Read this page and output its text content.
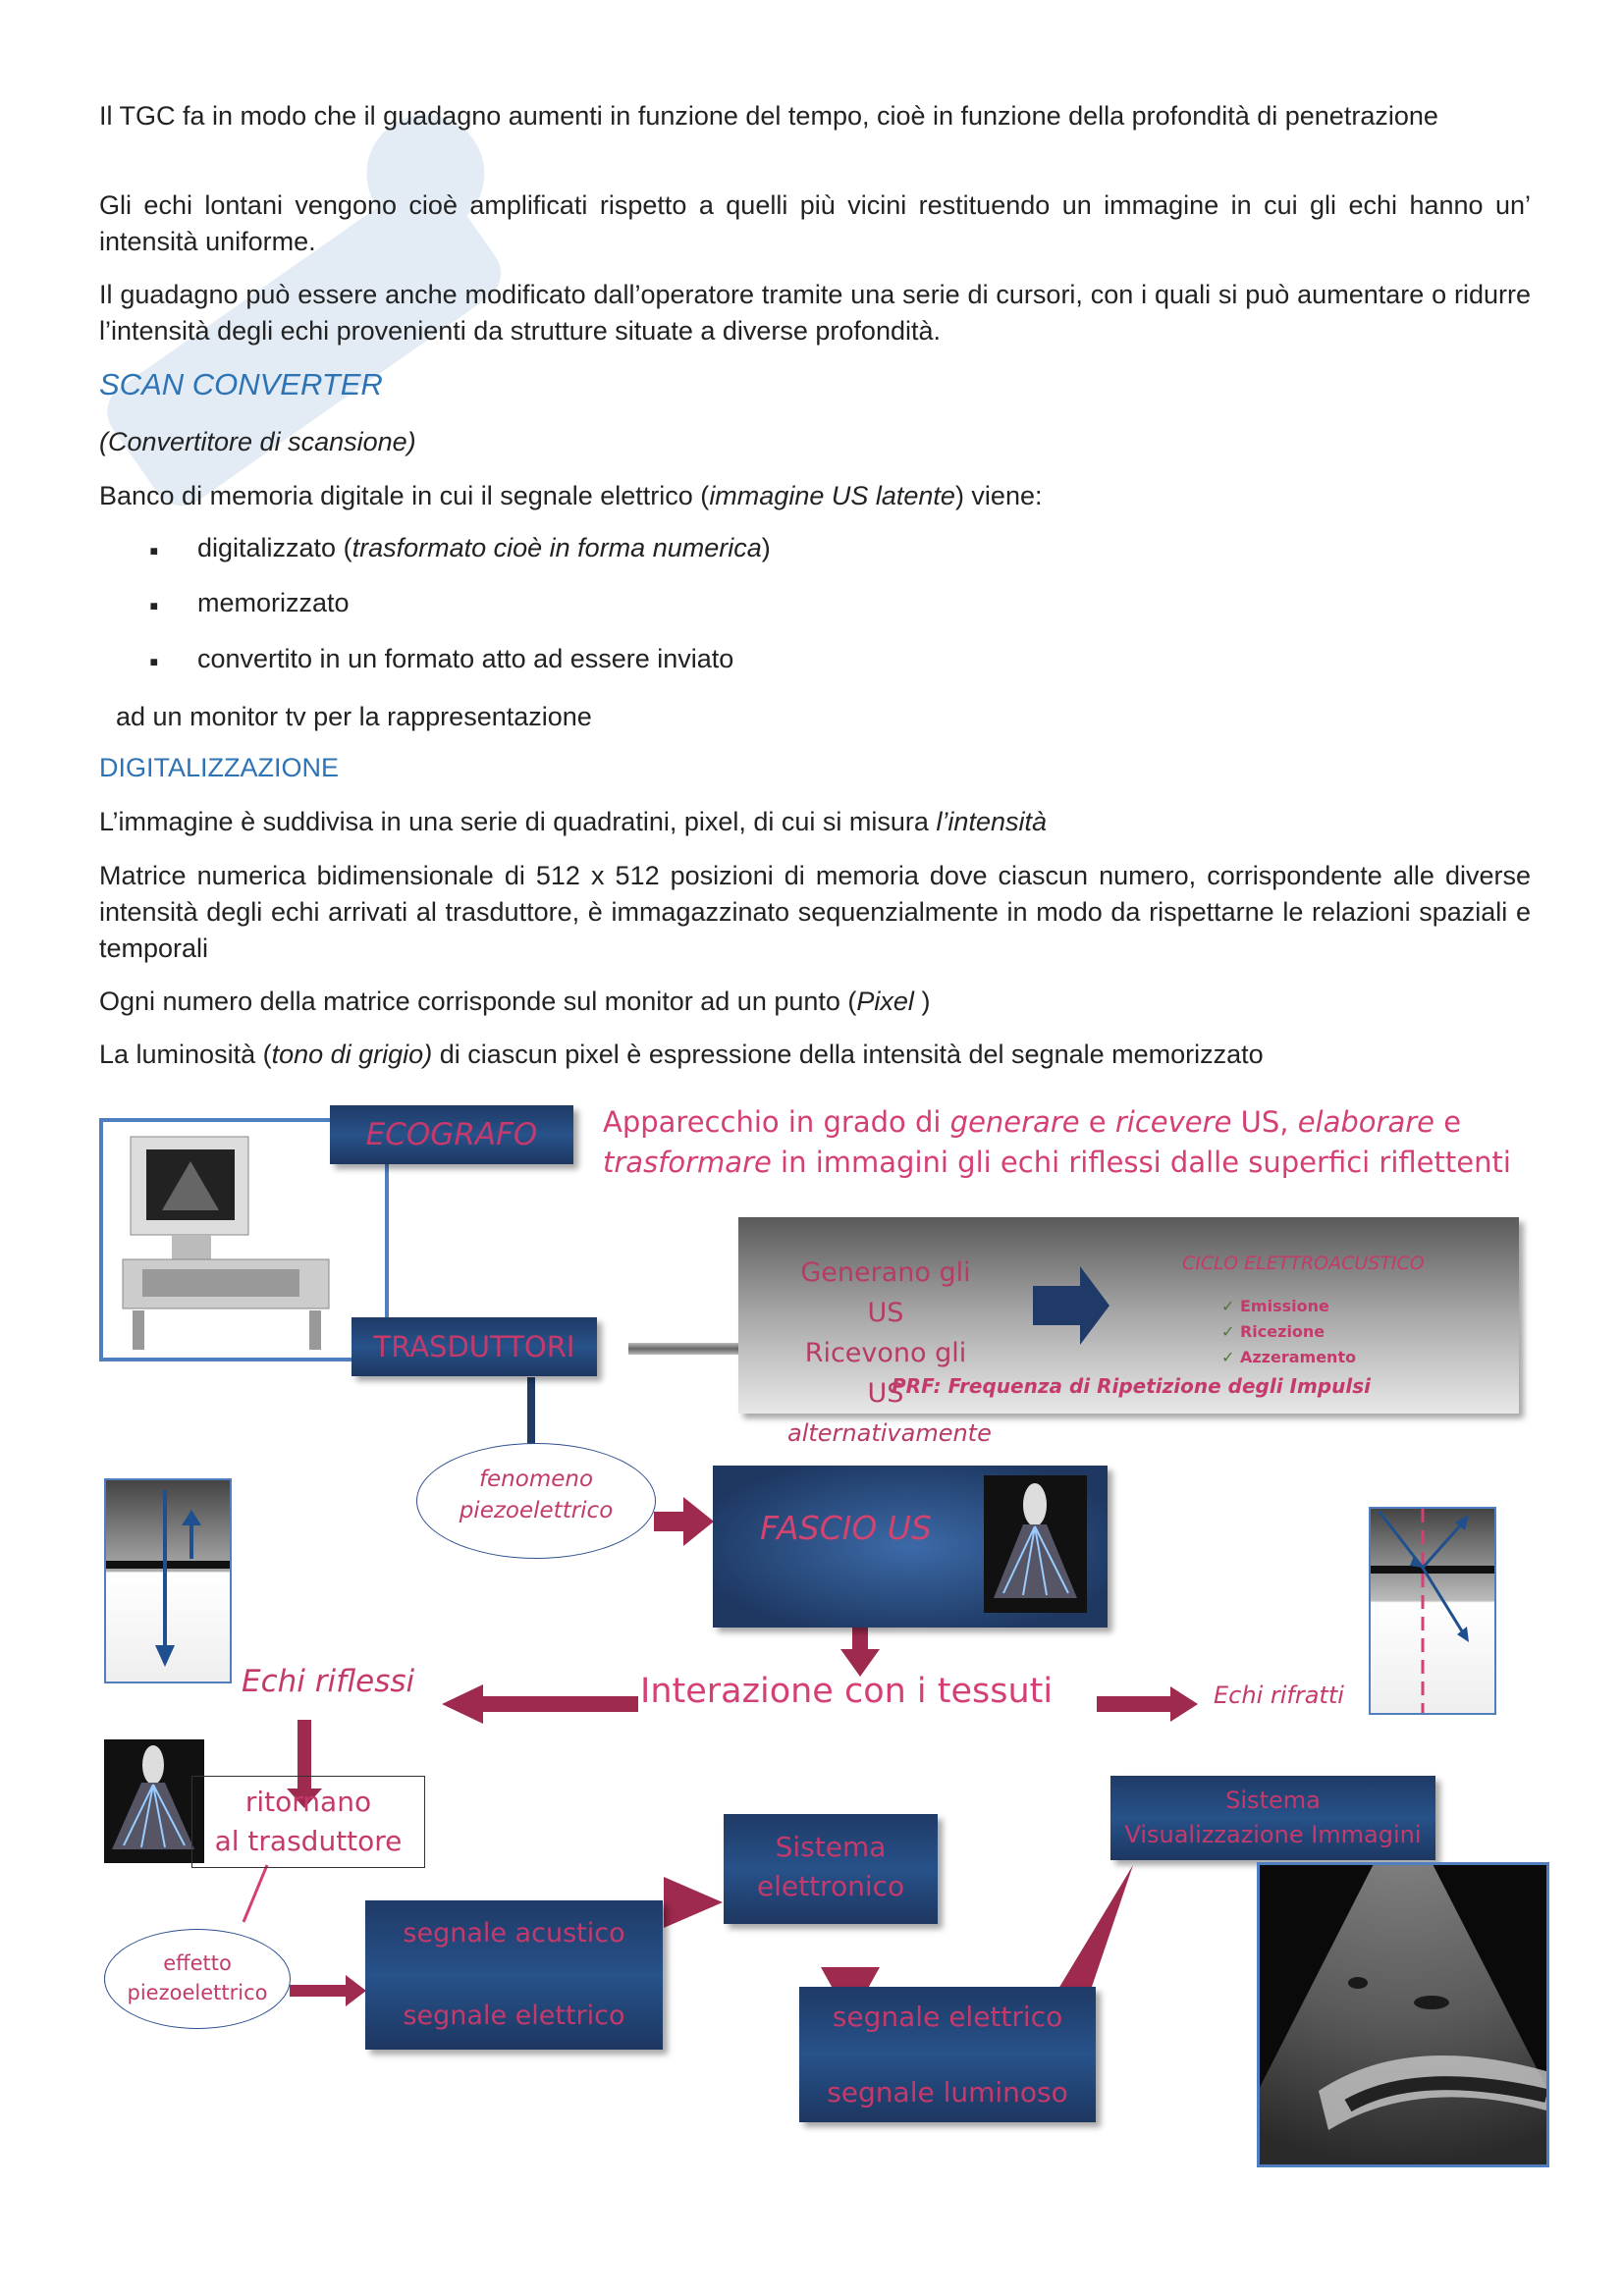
Il TGC fa in modo che il guadagno aumenti in funzione del tempo, cioè in funzione della profondità di penetrazione
Gli echi lontani vengono cioè amplificati rispetto a quelli più vicini restituendo un immagine in cui gli echi hanno un’ intensità uniforme.
Il guadagno può essere anche modificato dall’operatore tramite una serie di cursori, con i quali si può aumentare o ridurre l’intensità degli echi provenienti da strutture situate a diverse profondità.
SCAN CONVERTER
(Convertitore di scansione)
Banco di memoria digitale in cui il segnale elettrico (immagine US latente) viene:
▪ digitalizzato (trasformato cioè in forma numerica)
▪ memorizzato
▪ convertito in un formato atto ad essere inviato
ad un monitor tv per la rappresentazione
DIGITALIZZAZIONE
L’immagine è suddivisa in una serie di quadratini, pixel, di cui si misura l’intensità
Matrice numerica bidimensionale di 512 x 512 posizioni di memoria dove ciascun numero, corrispondente alle diverse intensità degli echi arrivati al trasduttore, è immagazzinato sequenzialmente in modo da rispettarne le relazioni spaziali e temporali
Ogni numero della matrice corrisponde sul monitor ad un punto (Pixel )
La luminosità (tono di grigio) di ciascun pixel è espressione della intensità del segnale memorizzato
ECOGRAFO	Apparecchio in grado di generare e ricevere US, elaborare e
trasformare in immagini gli echi riflessi dalle superfici riflettenti
TRASDUTTORI
Generano gli US
Ricevono gli US
alternativamente
CICLO ELETTROACUSTICO
✓ Emissione
✓ Ricezione
✓ Azzeramento
PRF: Frequenza di Ripetizione degli Impulsi
fenomeno
piezoelettrico	FASCIO US
Echi riflessi	Interazione con i tessuti	Echi rifratti
ritornano
al trasduttore
effetto
piezoelettrico
segnale acustico
segnale elettrico
Sistema
elettronico
segnale elettrico
segnale luminoso
Sistema
Visualizzazione Immagini
